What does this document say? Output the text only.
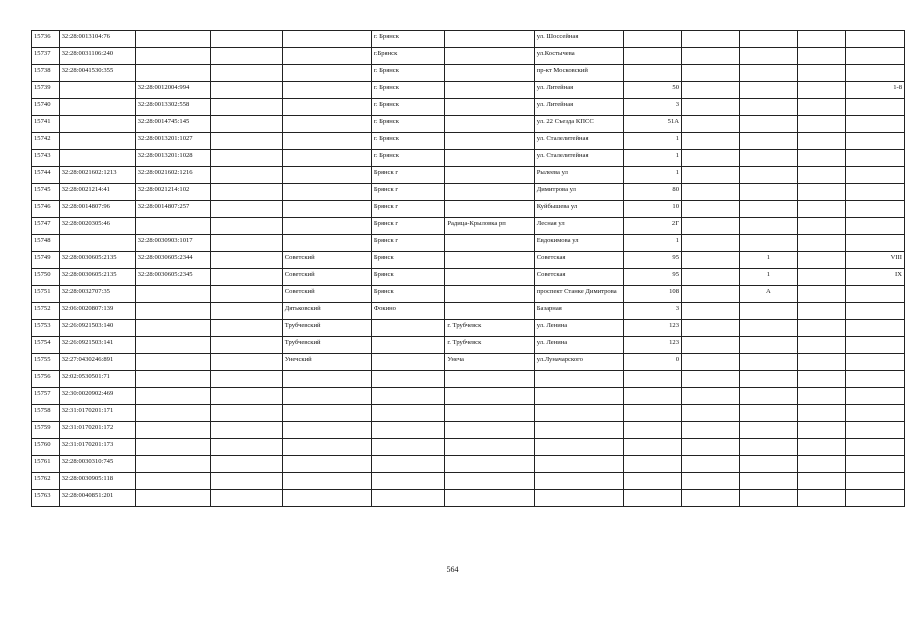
15736	32:28:0013104:76				г. Брянск		ул. Шоссейная					
15737	32:28:0031106:240				г.Брянск		ул.Костычева					
15738	32:28:0041530:355				г. Брянск		пр-кт Московский					
15739		32:28:0012004:994			г. Брянск		ул. Литейная	50				1-8
15740		32:28:0013302:558			г. Брянск		ул. Литейная	3				
15741		32:28:0014745:145			г. Брянск		ул. 22 Съезда КПСС	51А				
15742		32:28:0013201:1027			г. Брянск		ул. Сталелитейная	1				
15743		32:28:0013201:1028			г. Брянск		ул. Сталелитейная	1				
15744	32:28:0021602:1213	32:28:0021602:1216			Брянск г		Рылеева ул	1				
15745	32:28:0021214:41	32:28:0021214:102			Брянск г		Димитрова ул	80				
15746	32:28:0014807:96	32:28:0014807:257			Брянск г		Куйбышева ул	10				
15747	32:28:0020305:46				Брянск г	Радица-Крыловка рп	Лесная ул	2Г				
15748		32:28:0030903:1017			Брянск г		Евдокимова ул	1				
15749	32:28:0030605:2135	32:28:0030605:2344		Советский	Брянск		Советская	95		1		VIII
15750	32:28:0030605:2135	32:28:0030605:2345		Советский	Брянск		Советская	95		1		IX
15751	32:28:0032707:35			Советский	Брянск		проспект Станке Димитрова	108		А		
15752	32:06:0020807:139			Дятьковский	Фокино		Базарная	3				
15753	32:26:0921503:140			Трубчевский		г. Трубчевск	ул. Ленина	123				
15754	32:26:0921503:141			Трубчевский		г. Трубчевск	ул. Ленина	123				
15755	32:27:0430246:891			Унечский		Унеча	ул.Луначарского	0				
15756	32:02:0530501:71											
15757	32:30:0020902:469											
15758	32:31:0170201:171											
15759	32:31:0170201:172											
15760	32:31:0170201:173											
15761	32:28:0030310:745											
15762	32:28:0030905:118											
15763	32:28:0040851:201											
564
